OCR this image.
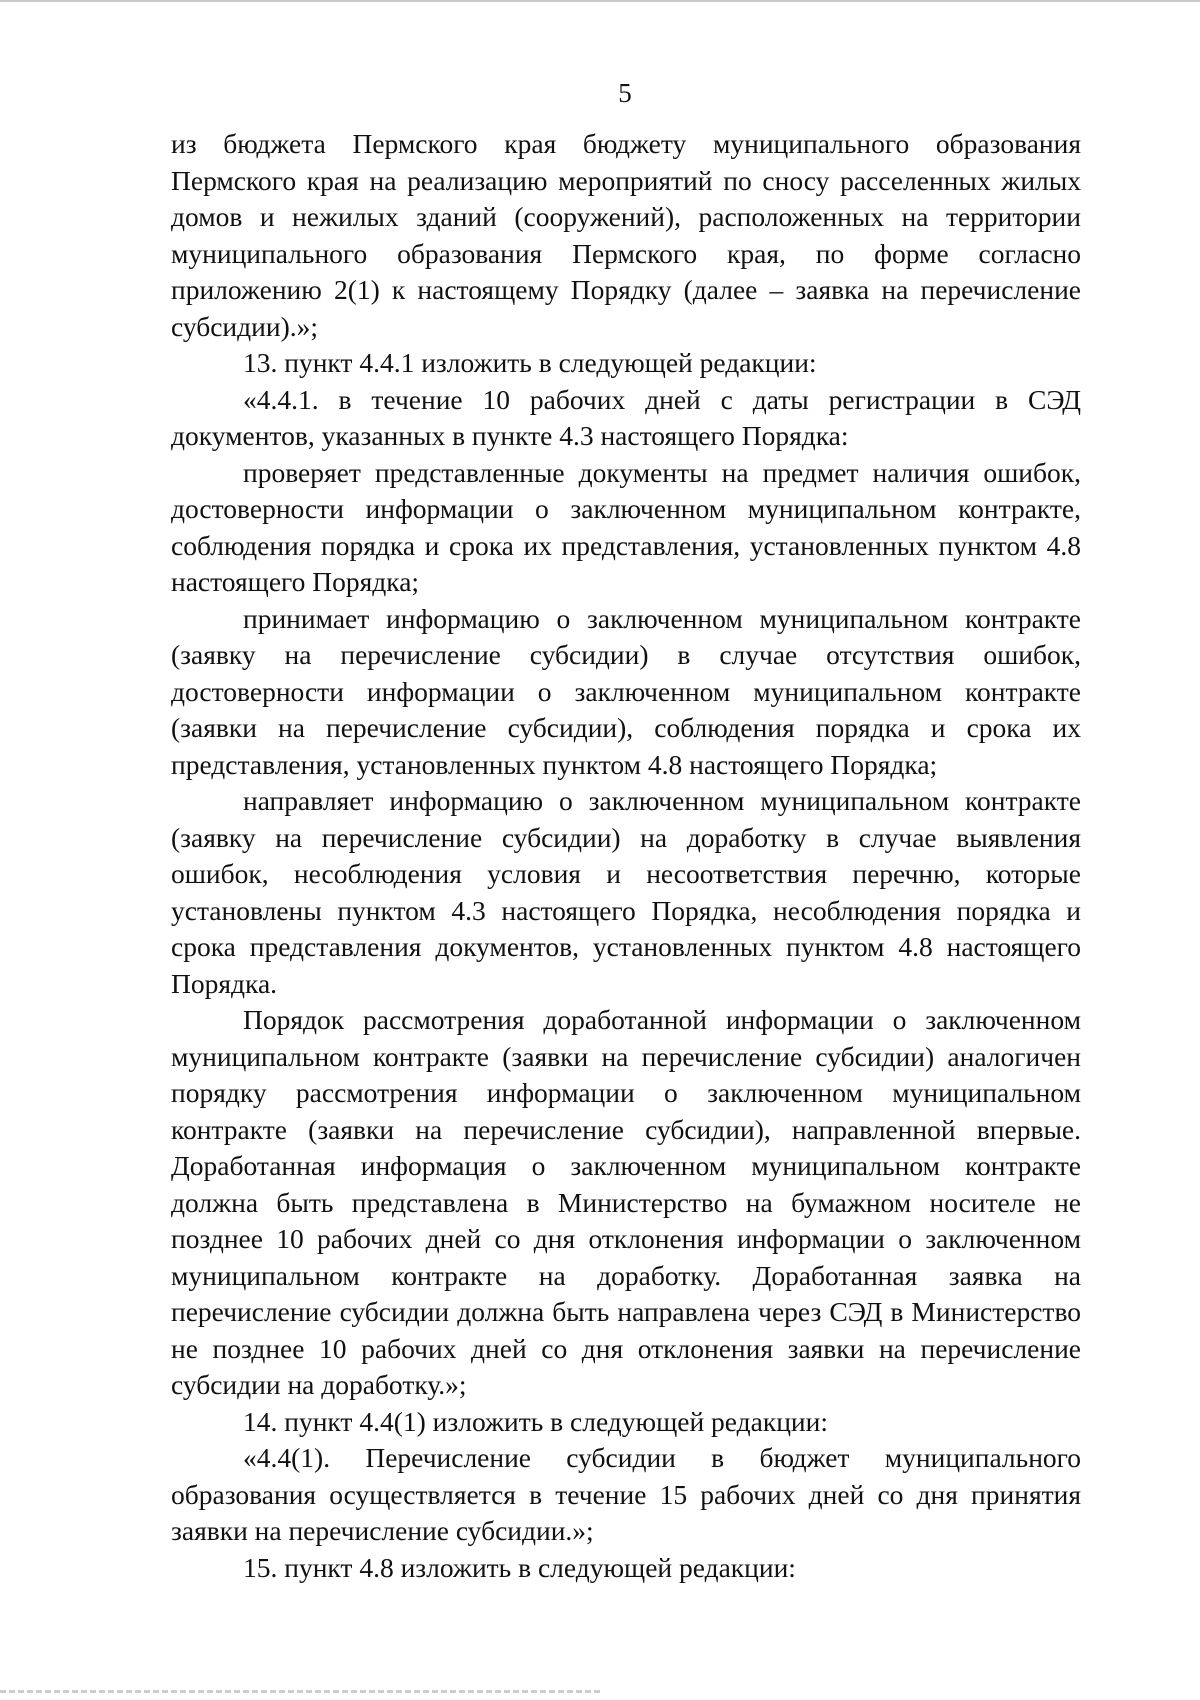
5

из бюджета Пермского края бюджету муниципального образования Пермского края на реализацию мероприятий по сносу расселенных жилых домов и нежилых зданий (сооружений), расположенных на территории муниципального образования Пермского края, по форме согласно приложению 2(1) к настоящему Порядку (далее – заявка на перечисление субсидии).»;

13. пункт 4.4.1 изложить в следующей редакции:

«4.4.1. в течение 10 рабочих дней с даты регистрации в СЭД документов, указанных в пункте 4.3 настоящего Порядка:

проверяет представленные документы на предмет наличия ошибок, достоверности информации о заключенном муниципальном контракте, соблюдения порядка и срока их представления, установленных пунктом 4.8 настоящего Порядка;

принимает информацию о заключенном муниципальном контракте (заявку на перечисление субсидии) в случае отсутствия ошибок, достоверности информации о заключенном муниципальном контракте (заявки на перечисление субсидии), соблюдения порядка и срока их представления, установленных пунктом 4.8 настоящего Порядка;

направляет информацию о заключенном муниципальном контракте (заявку на перечисление субсидии) на доработку в случае выявления ошибок, несоблюдения условия и несоответствия перечню, которые установлены пунктом 4.3 настоящего Порядка, несоблюдения порядка и срока представления документов, установленных пунктом 4.8 настоящего Порядка.

Порядок рассмотрения доработанной информации о заключенном муниципальном контракте (заявки на перечисление субсидии) аналогичен порядку рассмотрения информации о заключенном муниципальном контракте (заявки на перечисление субсидии), направленной впервые. Доработанная информация о заключенном муниципальном контракте должна быть представлена в Министерство на бумажном носителе не позднее 10 рабочих дней со дня отклонения информации о заключенном муниципальном контракте на доработку. Доработанная заявка на перечисление субсидии должна быть направлена через СЭД в Министерство не позднее 10 рабочих дней со дня отклонения заявки на перечисление субсидии на доработку.»;

14. пункт 4.4(1) изложить в следующей редакции:

«4.4(1). Перечисление субсидии в бюджет муниципального образования осуществляется в течение 15 рабочих дней со дня принятия заявки на перечисление субсидии.»;

15. пункт 4.8 изложить в следующей редакции:
